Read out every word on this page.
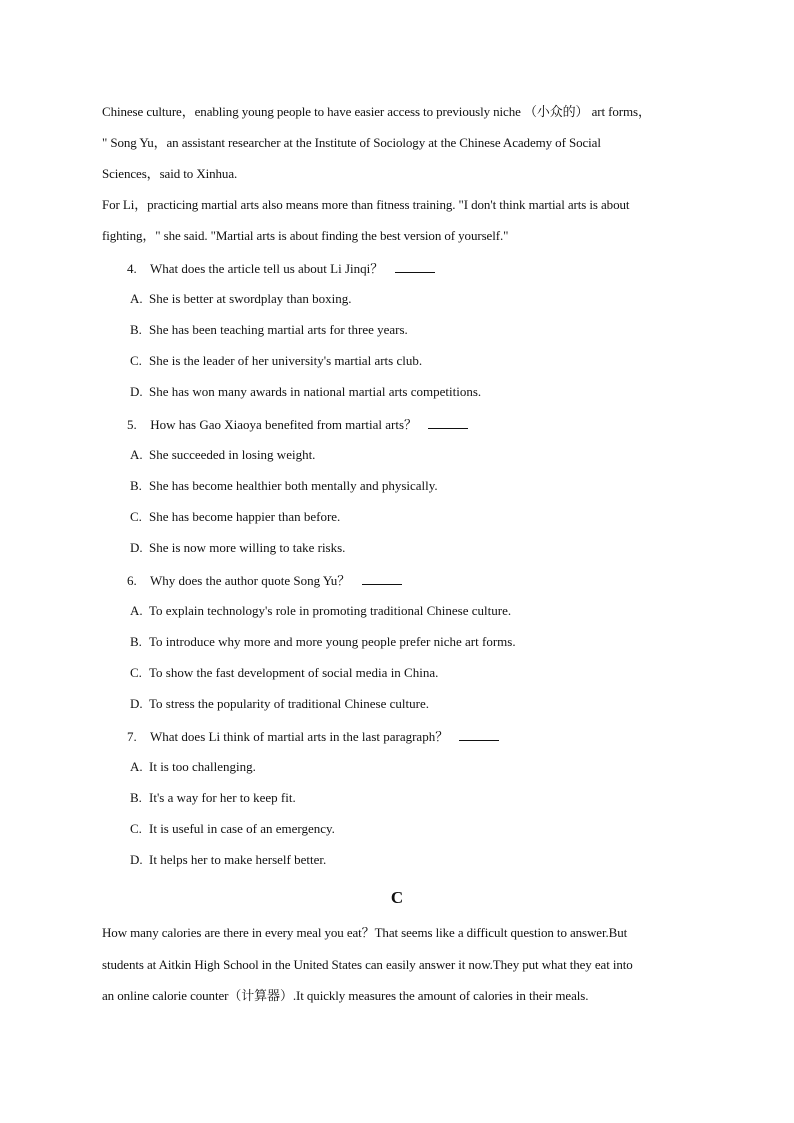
Chinese culture，enabling young people to have easier access to previously niche （小众的） art forms，
" Song Yu，an assistant researcher at the Institute of Sociology at the Chinese Academy of Social
Sciences，said to Xinhua.
For Li，practicing martial arts also means more than fitness training. "I don't think martial arts is about
fighting，" she said. "Martial arts is about finding the best version of yourself."
4. What does the article tell us about Li Jinqi？
A. She is better at swordplay than boxing.
B. She has been teaching martial arts for three years.
C. She is the leader of her university's martial arts club.
D. She has won many awards in national martial arts competitions.
5. How has Gao Xiaoya benefited from martial arts？
A. She succeeded in losing weight.
B. She has become healthier both mentally and physically.
C. She has become happier than before.
D. She is now more willing to take risks.
6. Why does the author quote Song Yu？
A. To explain technology's role in promoting traditional Chinese culture.
B. To introduce why more and more young people prefer niche art forms.
C. To show the fast development of social media in China.
D. To stress the popularity of traditional Chinese culture.
7. What does Li think of martial arts in the last paragraph？
A. It is too challenging.
B. It's a way for her to keep fit.
C. It is useful in case of an emergency.
D. It helps her to make herself better.
C
How many calories are there in every meal you eat？That seems like a difficult question to answer.But
students at Aitkin High School in the United States can easily answer it now.They put what they eat into
an online calorie counter（计算器）.It quickly measures the amount of calories in their meals.
